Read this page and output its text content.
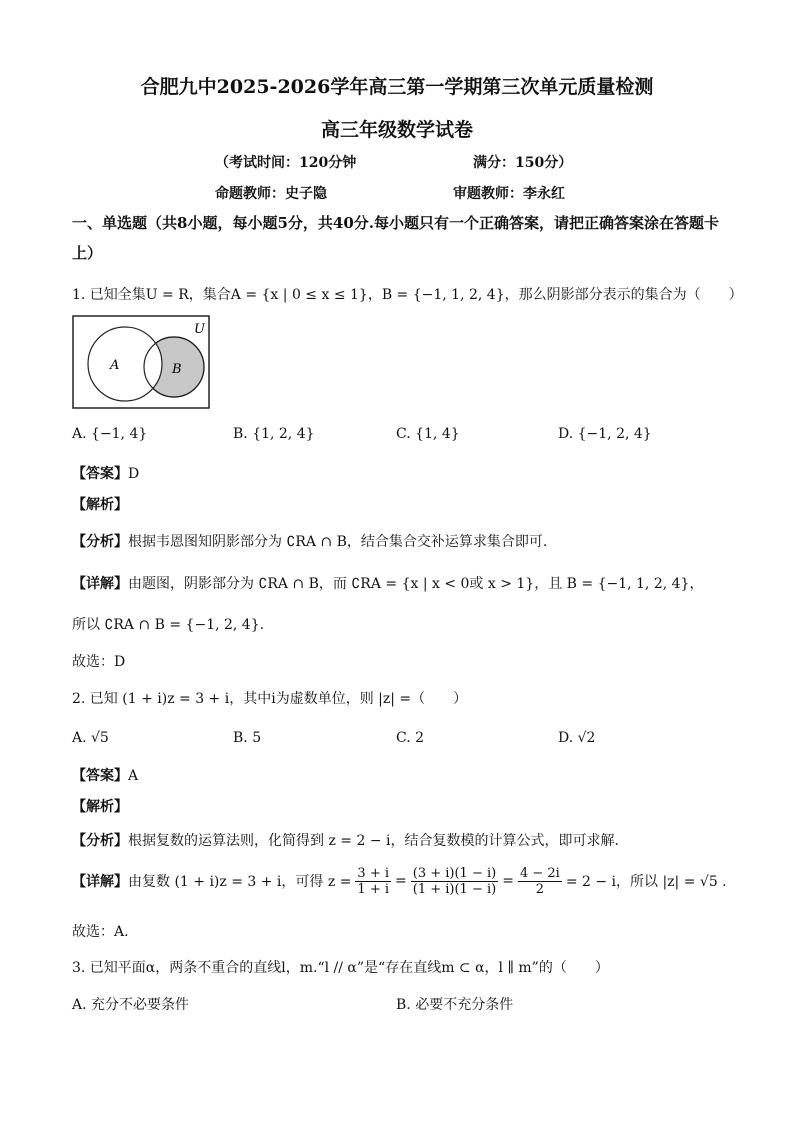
合肥九中2025-2026学年高三第一学期第三次单元质量检测
高三年级数学试卷
（考试时间：120分钟	满分：150分）
命题教师：史子隐	审题教师：李永红
一、单选题（共8小题，每小题5分，共40分.每小题只有一个正确答案，请把正确答案涂在答题卡上）
1. 已知全集U = R，集合A = {x | 0 ≤ x ≤ 1}，B = {−1, 1, 2, 4}，那么阴影部分表示的集合为（　　）
U
A	B
A. {−1, 4}	B. {1, 2, 4}	C. {1, 4}	D. {−1, 2, 4}
【答案】D
【解析】
【分析】根据韦恩图知阴影部分为 ∁RA ∩ B，结合集合交补运算求集合即可.
【详解】由题图，阴影部分为 ∁RA ∩ B，而 ∁RA = {x | x < 0或 x > 1}，且 B = {−1, 1, 2, 4}，
所以 ∁RA ∩ B = {−1, 2, 4}.
故选：D
2. 已知 (1 + i)z = 3 + i，其中i为虚数单位，则 |z| =（　　）
A. √5	B. 5	C. 2	D. √2
【答案】A
【解析】
【分析】根据复数的运算法则，化简得到 z = 2 − i，结合复数模的计算公式，即可求解.
【详解】 由复数 (1 + i)z = 3 + i，可得 $z = \frac{3 + i}{1 + i} = \frac{(3 + i)(1 - i)}{(1 + i)(1 - i)} = \frac{4 - 2i}{2} = 2 - i$，所以 |z| = √5 .
故选：A.
3. 已知平面α，两条不重合的直线l，m.“l // α”是“存在直线m ⊂ α，l ∥ m”的（　　）
A. 充分不必要条件	B. 必要不充分条件
